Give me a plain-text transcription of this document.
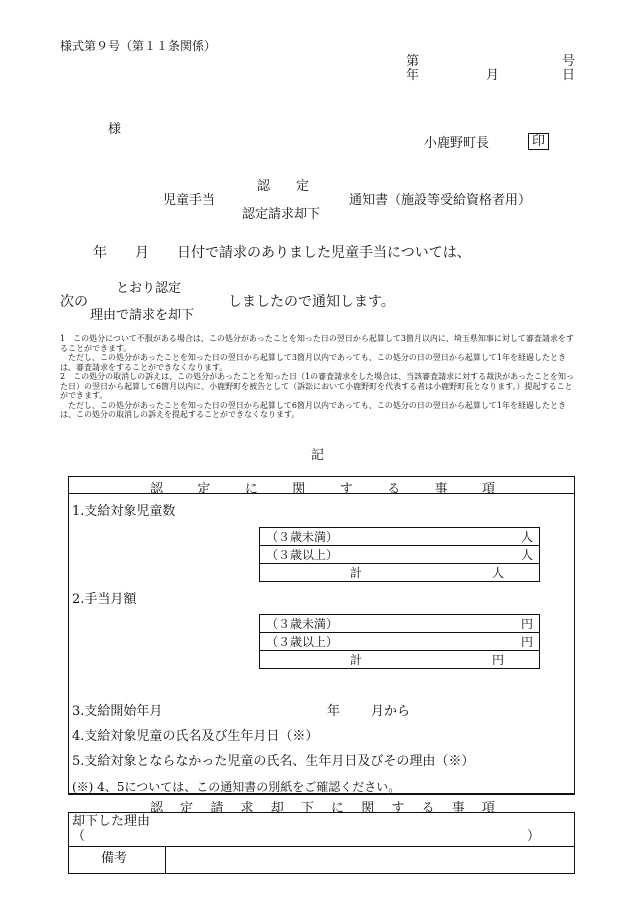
様式第９号（第１１条関係）
第	号
年	月	日
様
小鹿野町長	印
認　　定
児童手当	通知書（施設等受給資格者用）
認定請求却下
年　　月　　日付で請求のありました児童手当については、
とおり認定
次の	しましたので通知します。
理由で請求を却下
1　この処分について不服がある場合は、この処分があったことを知った日の翌日から起算して3箇月以内に、埼玉県知事に対して審査請求をすることができます。
　ただし、この処分があったことを知った日の翌日から起算して3箇月以内であっても、この処分の日の翌日から起算して1年を経過したときは、審査請求をすることができなくなります。
2　この処分の取消しの訴えは、この処分があったことを知った日（1の審査請求をした場合は、当該審査請求に対する裁決があったことを知った日）の翌日から起算して6箇月以内に、小鹿野町を被告として（訴訟において小鹿野町を代表する者は小鹿野町長となります。）提起することができます。
　ただし、この処分があったことを知った日の翌日から起算して6箇月以内であっても、この処分の日の翌日から起算して1年を経過したときは、この処分の取消しの訴えを提起することができなくなります。
記
認	定	に	関	す	る	事	項
1.支給対象児童数
（３歳未満）	人

（３歳以上）	人

計	人
2.手当月額
（３歳未満）	円

（３歳以上）	円

計	円
3.支給開始年月	年 月から
4.支給対象児童の氏名及び生年月日（※）
5.支給対象とならなかった児童の氏名、生年月日及びその理由（※）
(※) 4、5については、この通知書の別紙をご確認ください。
認 定 請 求 却 下 に 関 す る 事 項
却下した理由
（	）
備考
